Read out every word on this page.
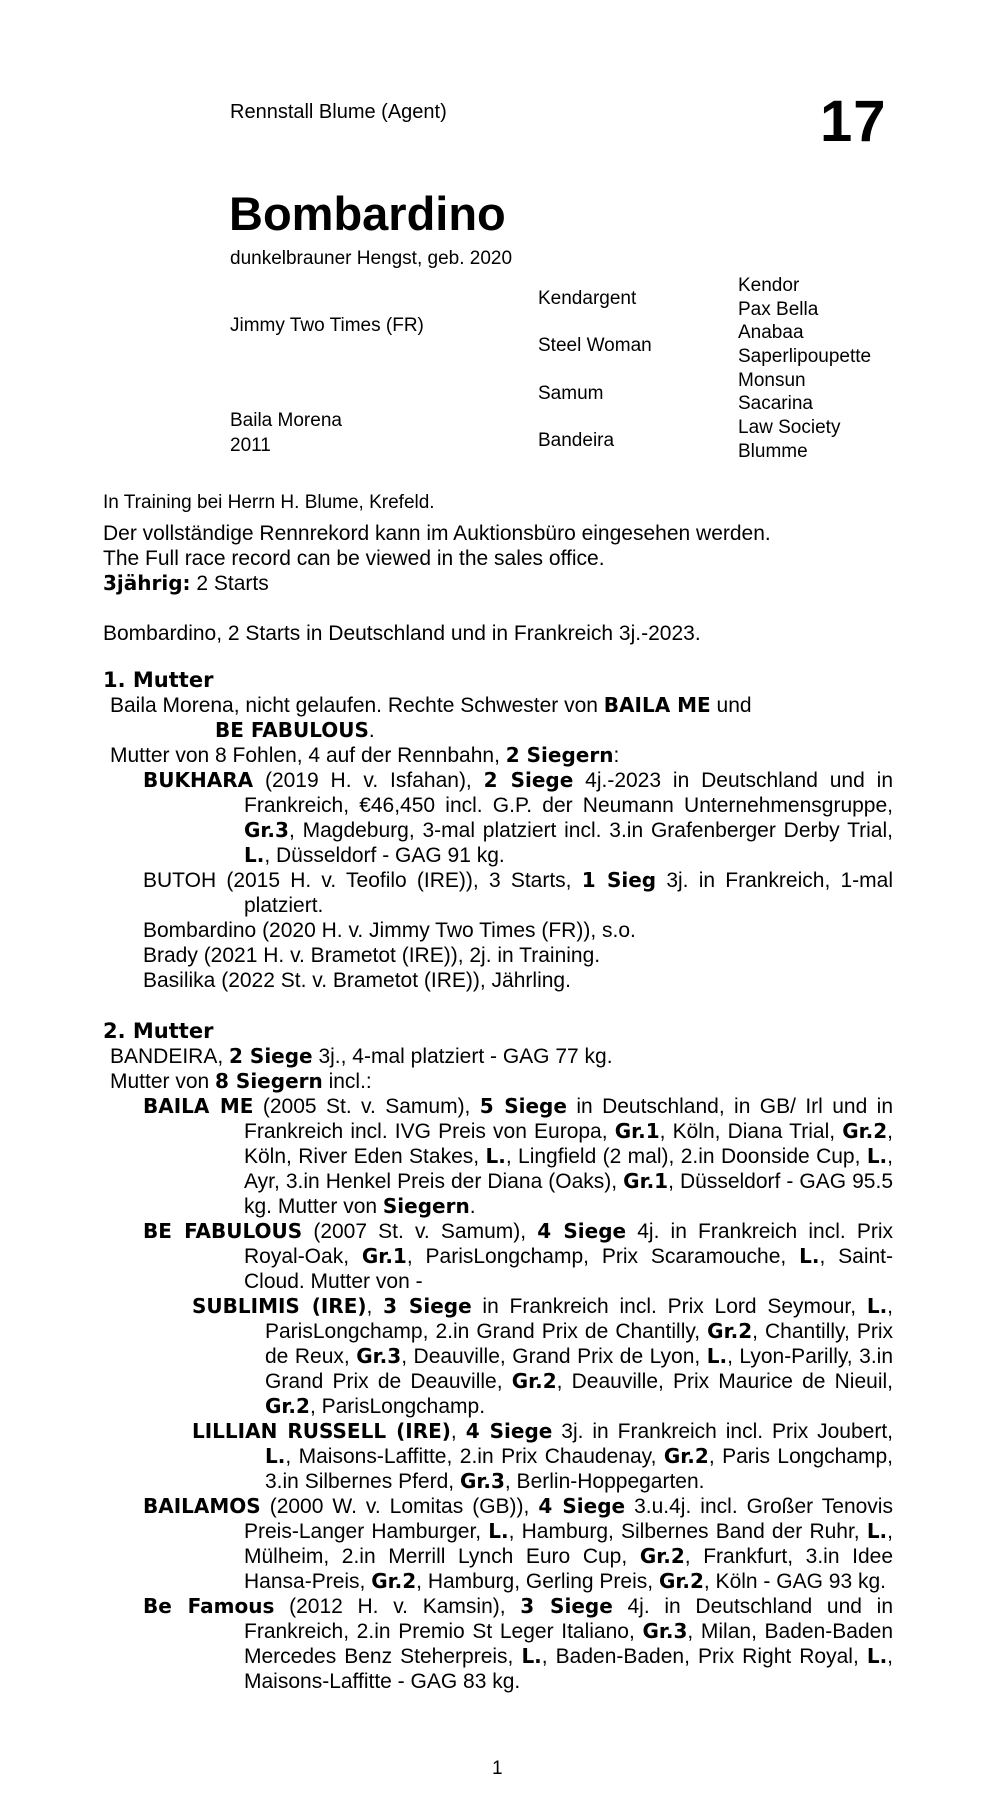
Rennstall Blume (Agent)	17
Bombardino
dunkelbrauner Hengst, geb. 2020
Jimmy Two Times (FR)
Baila Morena
2011
Kendargent
Steel Woman
Samum
Bandeira
Kendor
Pax Bella
Anabaa
Saperlipoupette
Monsun
Sacarina
Law Society
Blumme
In Training bei Herrn H. Blume, Krefeld.

Der vollständige Rennrekord kann im Auktionsbüro eingesehen werden.

The Full race record can be viewed in the sales office.

3jährig: 2 Starts

Bombardino, 2 Starts in Deutschland und in Frankreich 3j.-2023.

1. Mutter

Baila Morena, nicht gelaufen. Rechte Schwester von BAILA ME und

BE FABULOUS.

Mutter von 8 Fohlen, 4 auf der Rennbahn, 2 Siegern:

BUKHARA (2019 H. v. Isfahan), 2 Siege 4j.-2023 in Deutschland und in Frankreich, €46,450 incl. G.P. der Neumann Unternehmensgruppe, Gr.3, Magdeburg, 3-mal platziert incl. 3.in Grafenberger Derby Trial, L., Düsseldorf - GAG 91 kg.

BUTOH (2015 H. v. Teofilo (IRE)), 3 Starts, 1 Sieg 3j. in Frankreich, 1-mal platziert.

Bombardino (2020 H. v. Jimmy Two Times (FR)), s.o.

Brady (2021 H. v. Brametot (IRE)), 2j. in Training.

Basilika (2022 St. v. Brametot (IRE)), Jährling.

2. Mutter

BANDEIRA, 2 Siege 3j., 4-mal platziert - GAG 77 kg.

Mutter von 8 Siegern incl.:

BAILA ME (2005 St. v. Samum), 5 Siege in Deutschland, in GB/ Irl und in Frankreich incl. IVG Preis von Europa, Gr.1, Köln, Diana Trial, Gr.2, Köln, River Eden Stakes, L., Lingfield (2 mal), 2.in Doonside Cup, L., Ayr, 3.in Henkel Preis der Diana (Oaks), Gr.1, Düsseldorf - GAG 95.5 kg. Mutter von Siegern.

BE FABULOUS (2007 St. v. Samum), 4 Siege 4j. in Frankreich incl. Prix Royal-Oak, Gr.1, ParisLongchamp, Prix Scaramouche, L., Saint-Cloud. Mutter von -

SUBLIMIS (IRE), 3 Siege in Frankreich incl. Prix Lord Seymour, L., ParisLongchamp, 2.in Grand Prix de Chantilly, Gr.2, Chantilly, Prix de Reux, Gr.3, Deauville, Grand Prix de Lyon, L., Lyon-Parilly, 3.in Grand Prix de Deauville, Gr.2, Deauville, Prix Maurice de Nieuil, Gr.2, ParisLongchamp.

LILLIAN RUSSELL (IRE), 4 Siege 3j. in Frankreich incl. Prix Joubert, L., Maisons-Laffitte, 2.in Prix Chaudenay, Gr.2, Paris Longchamp, 3.in Silbernes Pferd, Gr.3, Berlin-Hoppegarten.

BAILAMOS (2000 W. v. Lomitas (GB)), 4 Siege 3.u.4j. incl. Großer Tenovis Preis-Langer Hamburger, L., Hamburg, Silbernes Band der Ruhr, L., Mülheim, 2.in Merrill Lynch Euro Cup, Gr.2, Frankfurt, 3.in Idee Hansa-Preis, Gr.2, Hamburg, Gerling Preis, Gr.2, Köln - GAG 93 kg.

Be Famous (2012 H. v. Kamsin), 3 Siege 4j. in Deutschland und in Frankreich, 2.in Premio St Leger Italiano, Gr.3, Milan, Baden-Baden Mercedes Benz Steherpreis, L., Baden-Baden, Prix Right Royal, L., Maisons-Laffitte - GAG 83 kg.

1
